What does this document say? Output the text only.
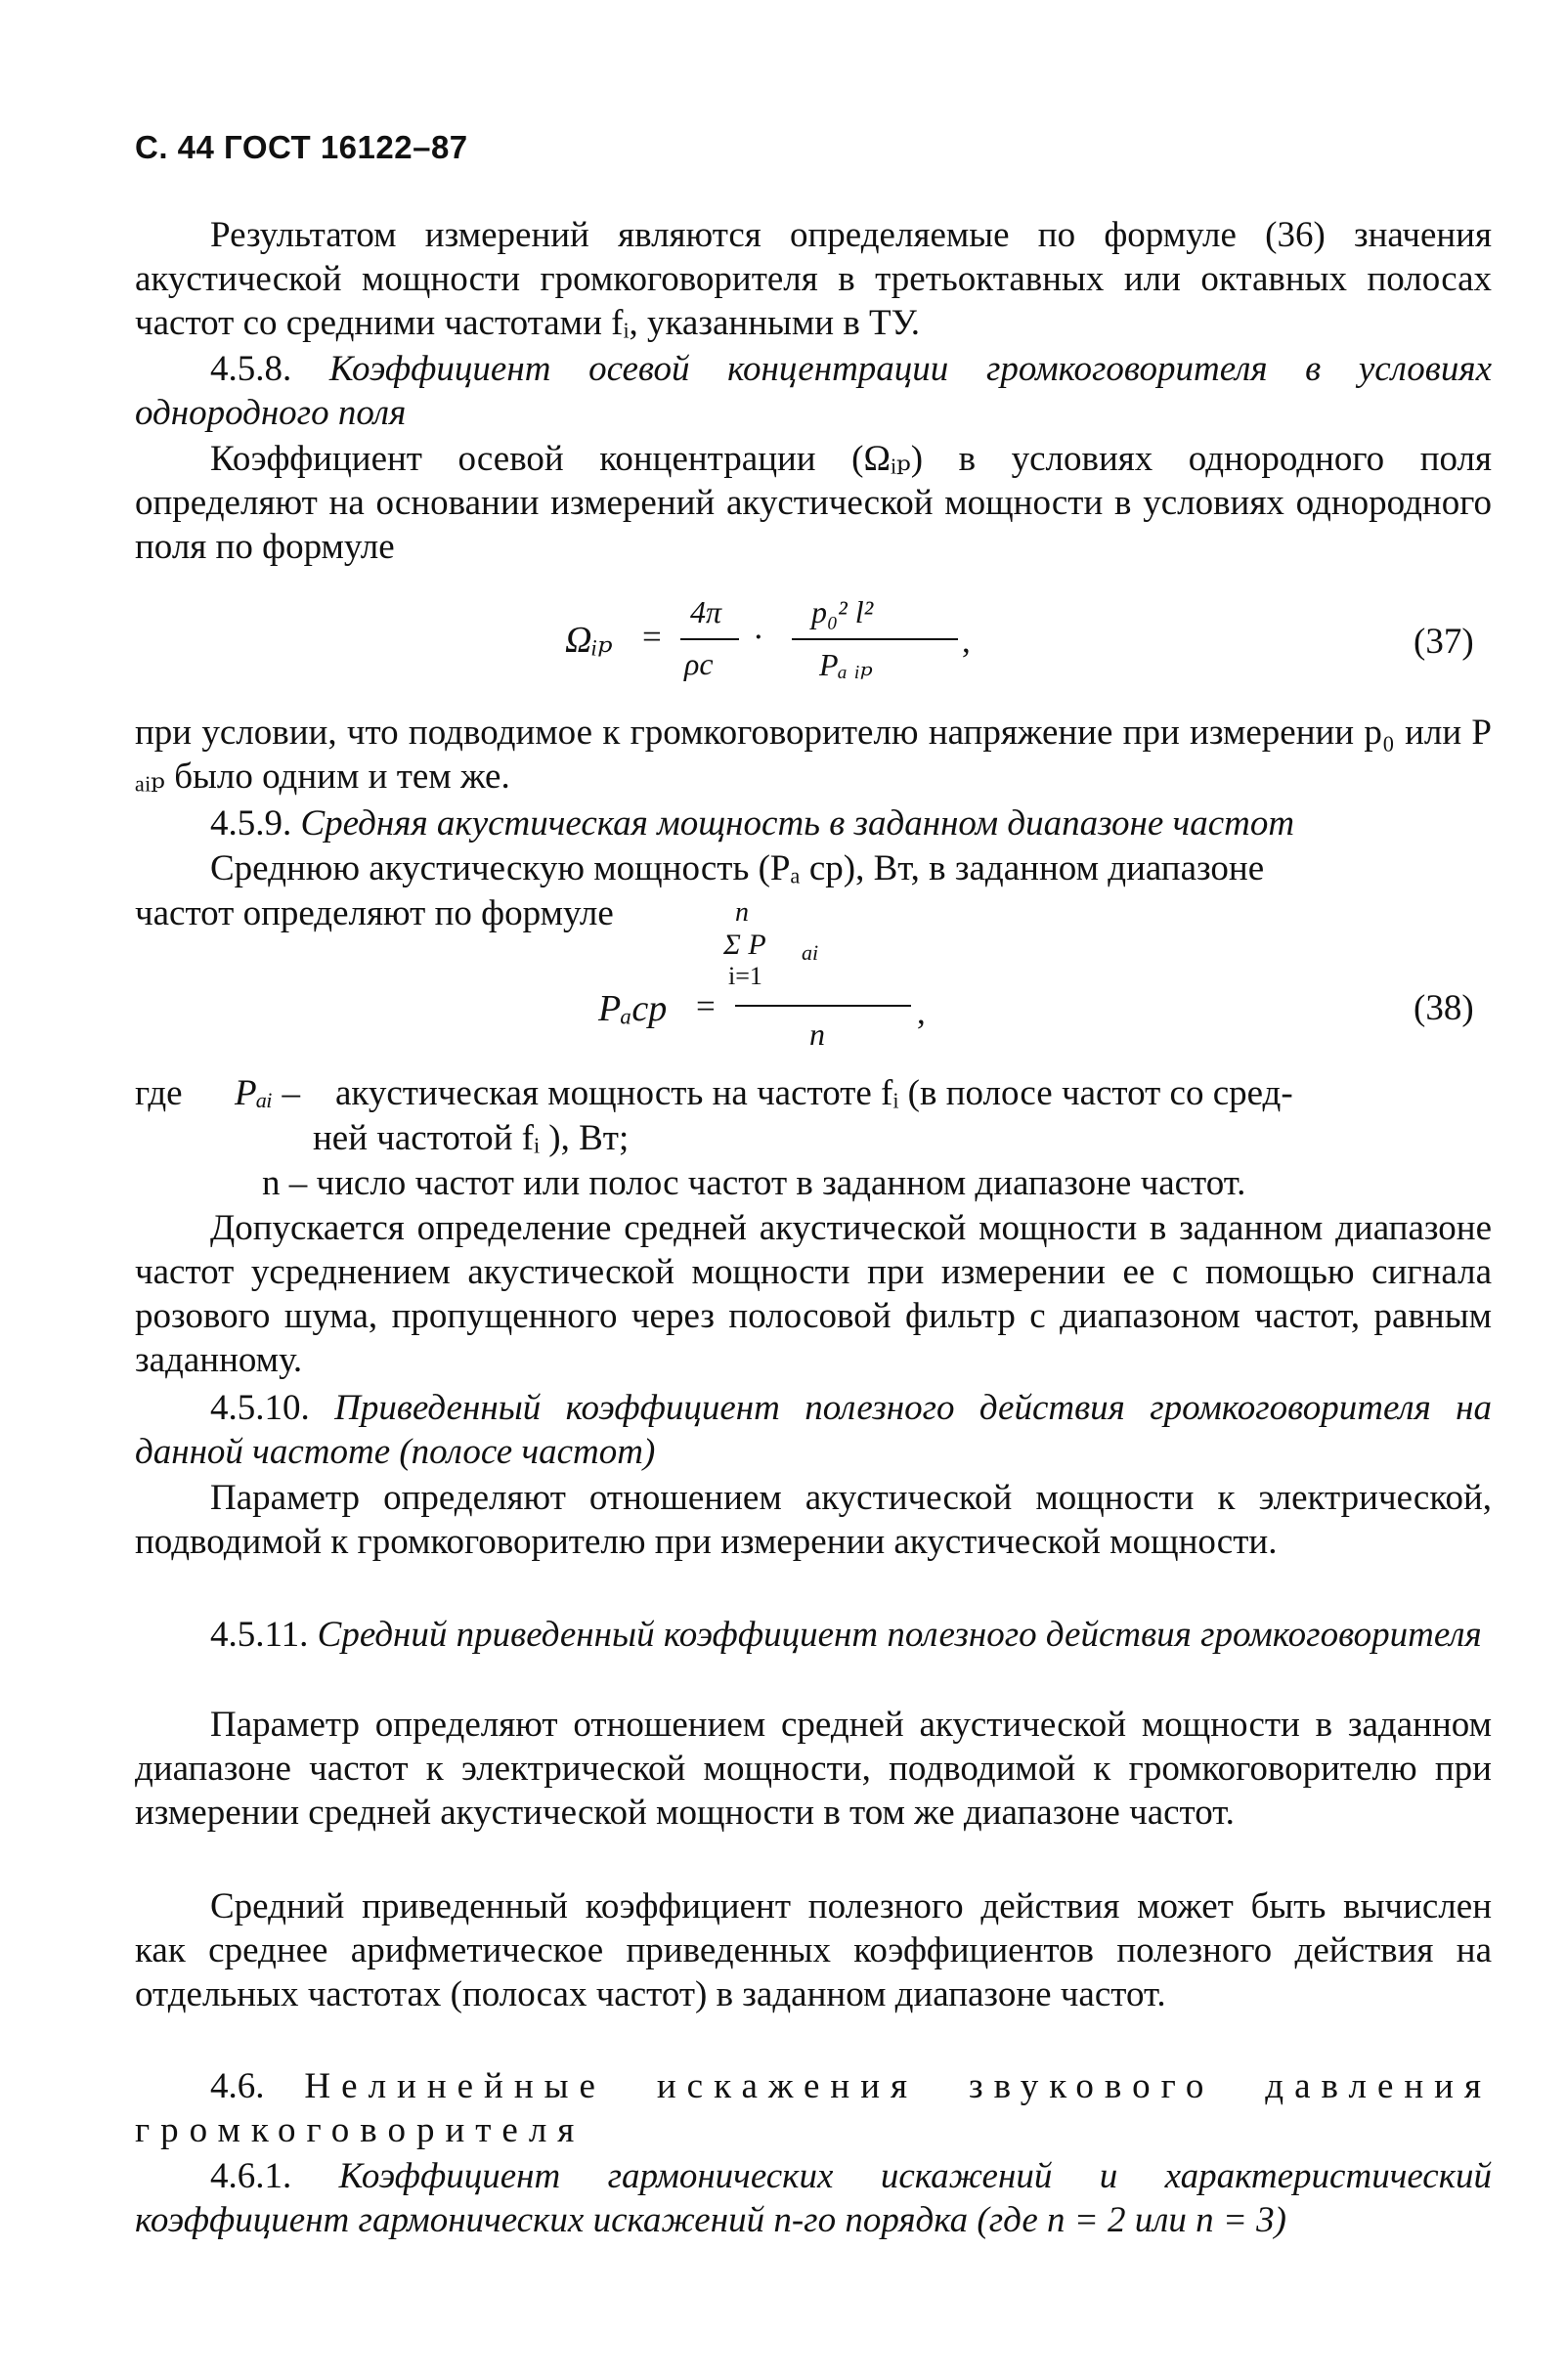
С. 44 ГОСТ 16122–87
Результатом измерений являются определяемые по формуле (36) значения акустической мощности громкоговорителя в третьоктавных или октавных полосах частот со средними частотами fᵢ, указанными в ТУ.
4.5.8. Коэффициент осевой концентрации громкоговорителя в условиях однородного поля
Коэффициент осевой концентрации (Ωᵢₚ) в условиях однородного поля определяют на основании измерений акустической мощности в условиях однородного поля по формуле
Ωᵢₚ =
4π
ρc
·
p₀² l²
Pₐ ᵢₚ
,	(37)
при условии, что подводимое к громкоговорителю напряжение при измерении p₀ или P ₐᵢₚ было одним и тем же.
4.5.9. Средняя акустическая мощность в заданном диапазоне частот
Среднюю акустическую мощность (Pₐ ср), Вт, в заданном диапазоне
частот определяют по формуле	n
Σ P ai
i=1
Pₐср =
n
,	(38)
где Pₐᵢ – акустическая мощность на частоте fᵢ (в полосе частот со сред-
ней частотой fᵢ ), Вт;
n – число частот или полос частот в заданном диапазоне частот.
Допускается определение средней акустической мощности в заданном диапазоне частот усреднением акустической мощности при измерении ее с помощью сигнала розового шума, пропущенного через полосовой фильтр с диапазоном частот, равным заданному.
4.5.10. Приведенный коэффициент полезного действия громкоговорителя на данной частоте (полосе частот)
Параметр определяют отношением акустической мощности к электрической, подводимой к громкоговорителю при измерении акустической мощности.
4.5.11. Средний приведенный коэффициент полезного действия громкоговорителя
Параметр определяют отношением средней акустической мощности в заданном диапазоне частот к электрической мощности, подводимой к громкоговорителю при измерении средней акустической мощности в том же диапазоне частот.
Средний приведенный коэффициент полезного действия может быть вычислен как среднее арифметическое приведенных коэффициентов полезного действия на отдельных частотах (полосах частот) в заданном диапазоне частот.
4.6. Нелинейные искажения звукового давления громкоговорителя
4.6.1. Коэффициент гармонических искажений и характеристический коэффициент гармонических искажений n-го порядка (где n = 2 или n = 3)
